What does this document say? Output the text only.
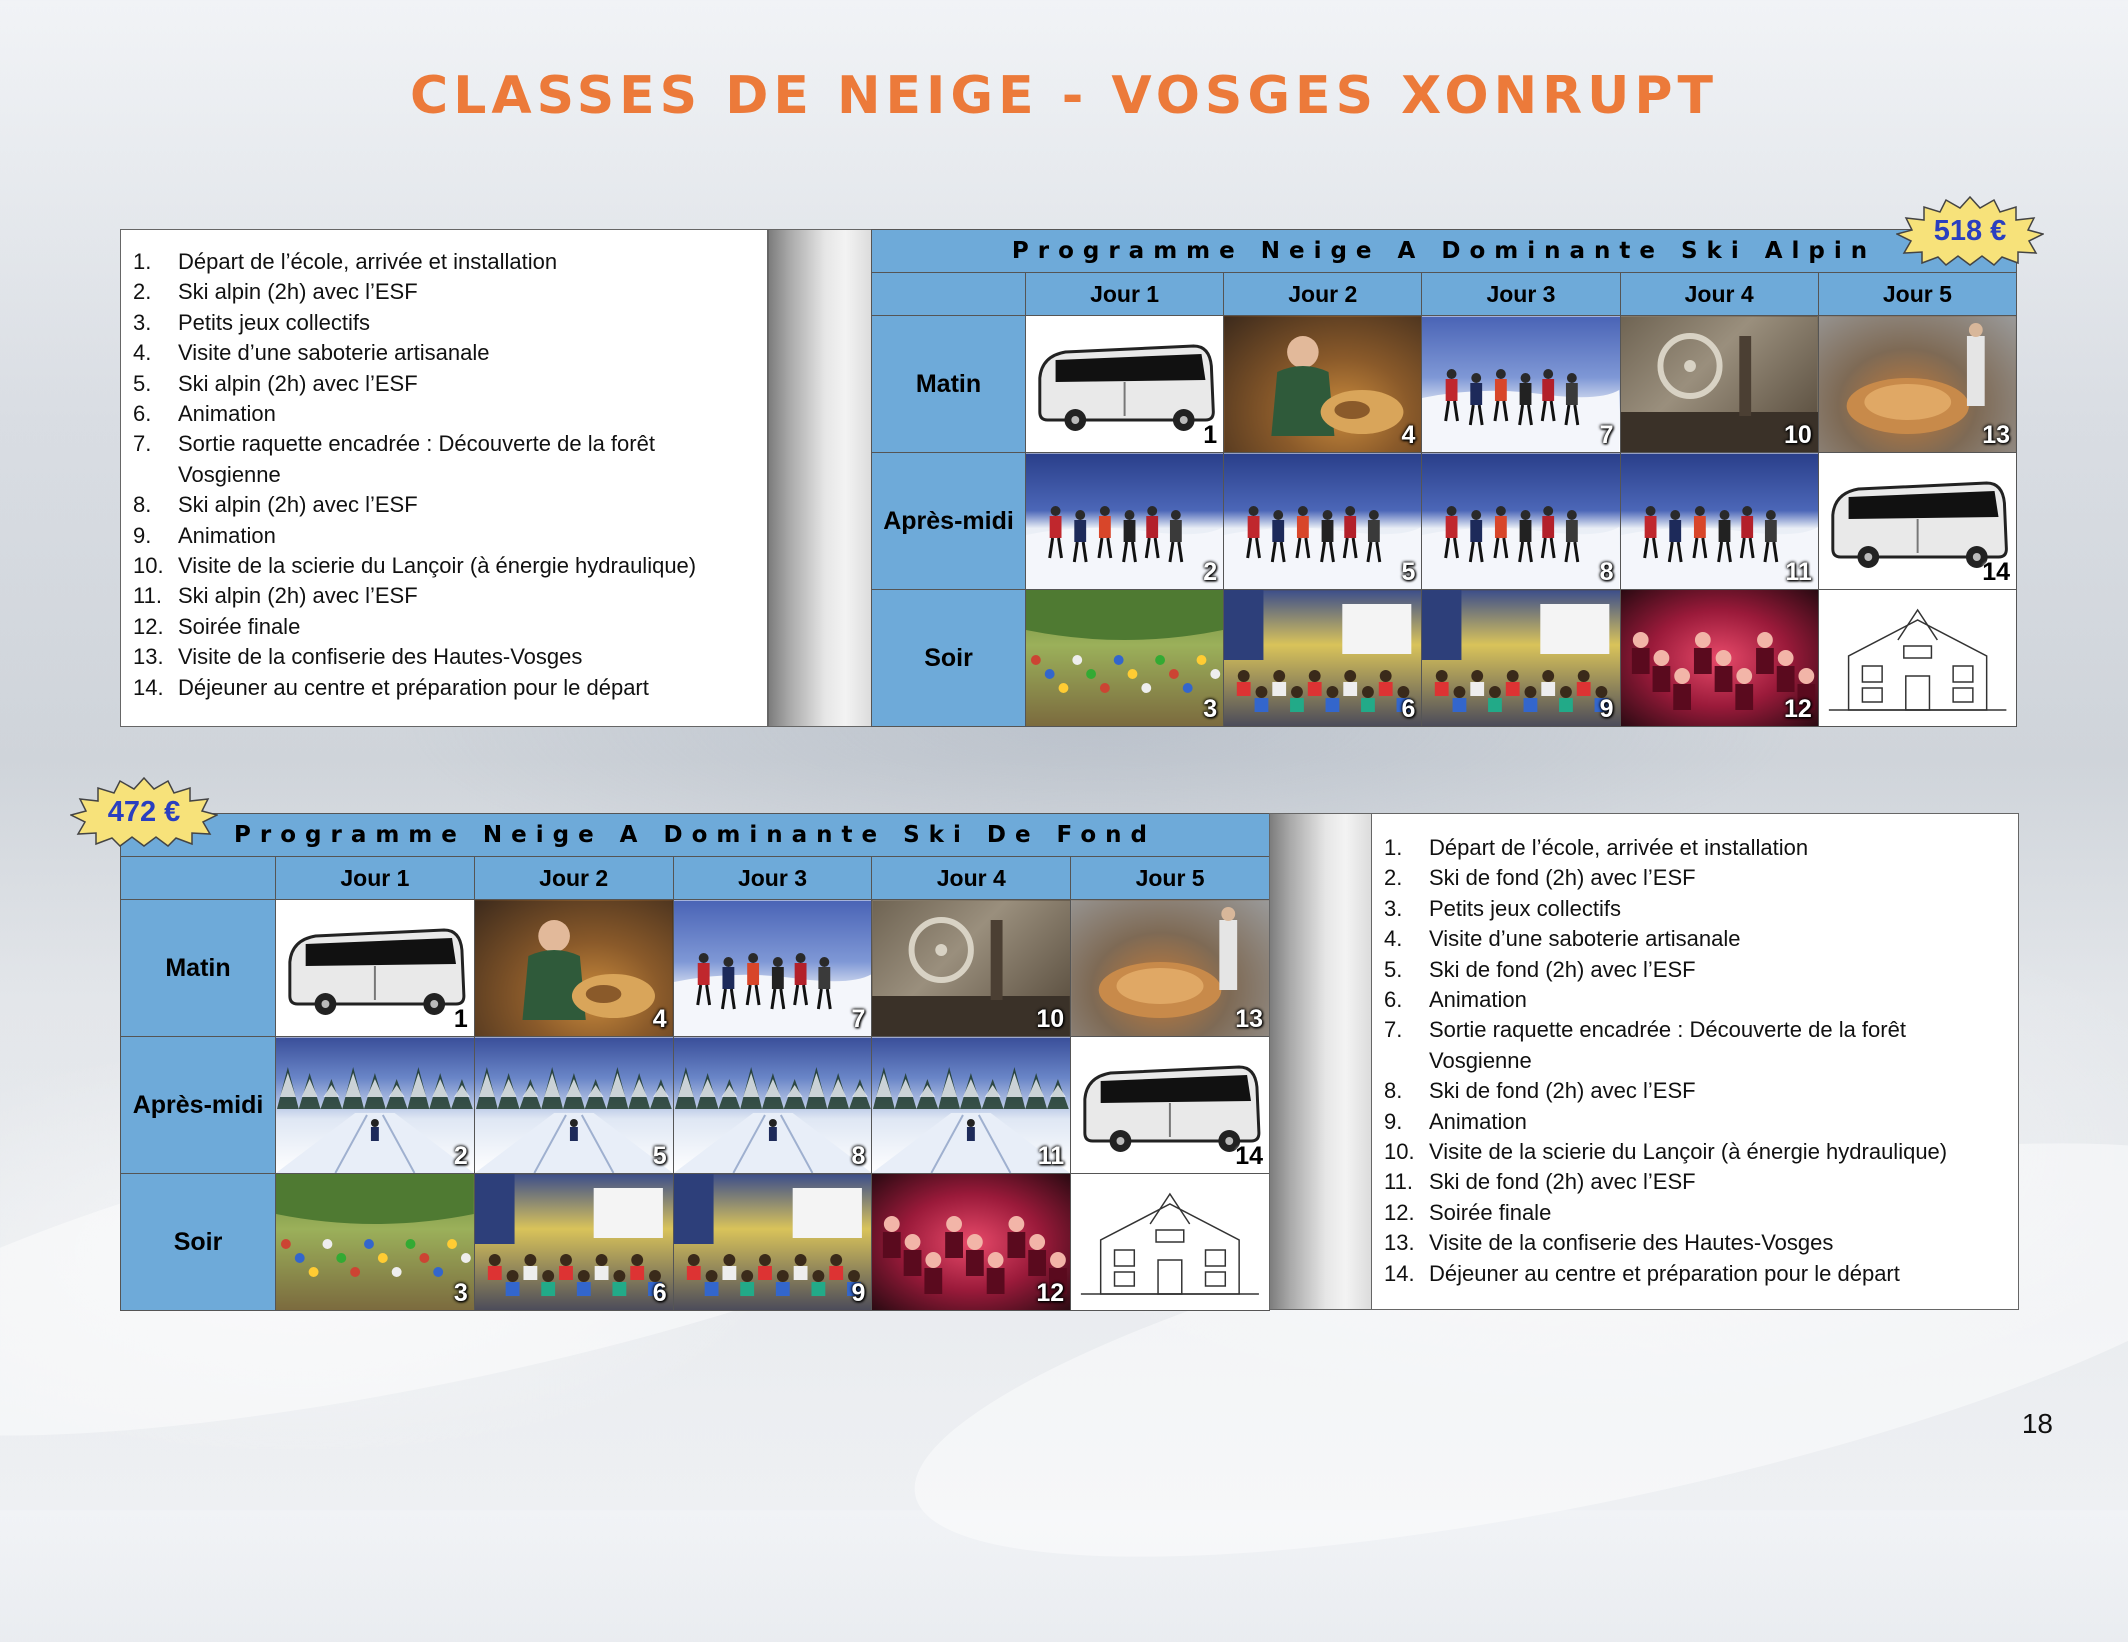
CLASSES DE NEIGE - VOSGES XONRUPT
1.	Départ de l’école, arrivée et installation
2.	Ski alpin (2h) avec l’ESF
3.	Petits jeux collectifs
4.	Visite d’une saboterie artisanale
5.	Ski alpin (2h) avec l’ESF
6.	Animation
7.	Sortie raquette encadrée : Découverte de la forêt Vosgienne
8.	Ski alpin (2h) avec l’ESF
9.	Animation
10. Visite de la scierie du Lançoir (à énergie hydraulique)
11. Ski alpin (2h) avec l’ESF
12. Soirée finale
13. Visite de la confiserie des Hautes-Vosges
14. Déjeuner au centre et préparation pour le départ
Programme Neige A Dominante Ski Alpin					
	Jour 1	Jour 2	Jour 3	Jour 4	Jour 5
Matin	1	4	7	10	13

Après-midi	2	5	8	11	14

Soir	3	6	9	12

518 €
Programme Neige A Dominante Ski De Fond					
	Jour 1	Jour 2	Jour 3	Jour 4	Jour 5
Matin	1	4	7	10	13

Après-midi	2	5	8	11	14

Soir	3	6	9	12

1.	Départ de l’école, arrivée et installation
2.	Ski de fond (2h) avec l’ESF
3.	Petits jeux collectifs
4.	Visite d’une saboterie artisanale
5.	Ski de fond (2h) avec l’ESF
6.	Animation
7.	Sortie raquette encadrée : Découverte de la forêt Vosgienne
8.	Ski de fond (2h) avec l’ESF
9.	Animation
10. Visite de la scierie du Lançoir (à énergie hydraulique)
11. Ski de fond (2h) avec l’ESF
12. Soirée finale
13. Visite de la confiserie des Hautes-Vosges
14. Déjeuner au centre et préparation pour le départ
472 €
18
